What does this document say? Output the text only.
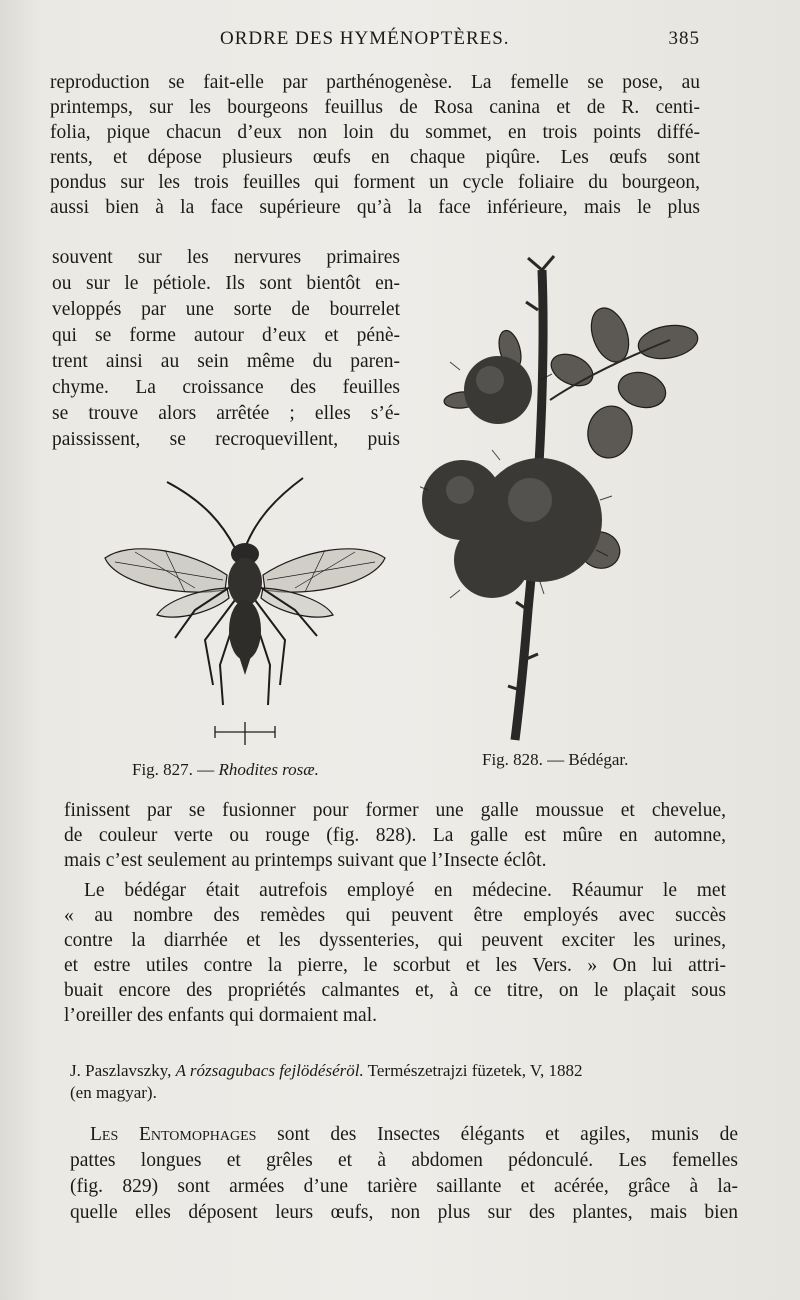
ORDRE DES HYMÉNOPTÈRES.	385
reproduction se fait-elle par parthénogenèse. La femelle se pose, au
printemps, sur les bourgeons feuillus de Rosa canina et de R. centi-
folia, pique chacun d’eux non loin du sommet, en trois points diffé-
rents, et dépose plusieurs œufs en chaque piqûre. Les œufs sont
pondus sur les trois feuilles qui forment un cycle foliaire du bourgeon,
aussi bien à la face supérieure qu’à la face inférieure, mais le plus
souvent sur les nervures primaires
ou sur le pétiole. Ils sont bientôt en-
veloppés par une sorte de bourrelet
qui se forme autour d’eux et pénè-
trent ainsi au sein même du paren-
chyme. La croissance des feuilles
se trouve alors arrêtée ; elles s’é-
paississent, se recroquevillent, puis
Fig. 827. — Rhodites rosæ.
Fig. 828. — Bédégar.
finissent par se fusionner pour former une galle moussue et chevelue,
de couleur verte ou rouge (fig. 828). La galle est mûre en automne,
mais c’est seulement au printemps suivant que l’Insecte éclôt.
Le bédégar était autrefois employé en médecine. Réaumur le met
« au nombre des remèdes qui peuvent être employés avec succès
contre la diarrhée et les dyssenteries, qui peuvent exciter les urines,
et estre utiles contre la pierre, le scorbut et les Vers. » On lui attri-
buait encore des propriétés calmantes et, à ce titre, on le plaçait sous
l’oreiller des enfants qui dormaient mal.
J. Paszlavszky, A rózsagubacs fejlödéséröl. Természetrajzi füzetek, V, 1882
(en magyar).
Les Entomophages sont des Insectes élégants et agiles, munis de
pattes longues et grêles et à abdomen pédonculé. Les femelles
(fig. 829) sont armées d’une tarière saillante et acérée, grâce à la-
quelle elles déposent leurs œufs, non plus sur des plantes, mais bien
